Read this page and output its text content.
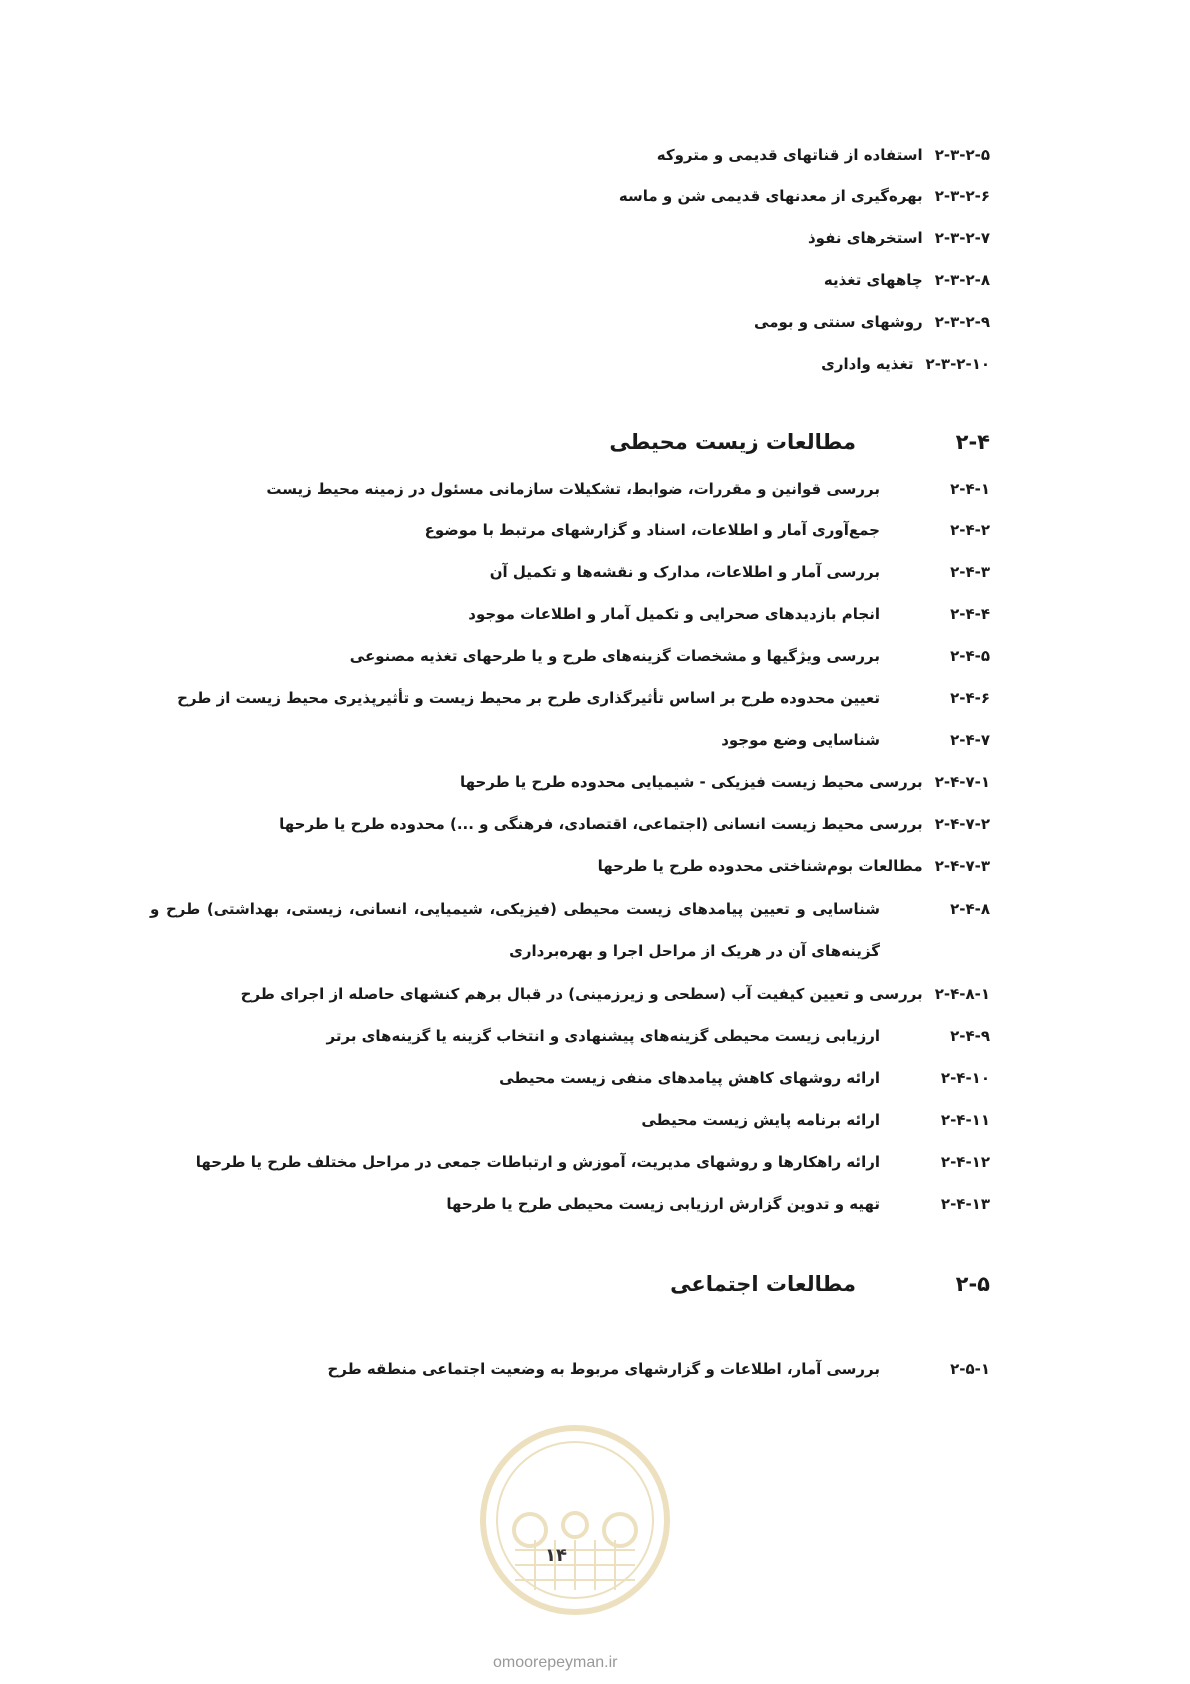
۲-۳-۲-۵
استفاده از قناتهای قدیمی و متروکه
۲-۳-۲-۶
بهره‌گیری از معدنهای قدیمی شن و ماسه
۲-۳-۲-۷
استخرهای نفوذ
۲-۳-۲-۸
چاههای تغذیه
۲-۳-۲-۹
روشهای سنتی و بومی
۲-۳-۲-۱۰
تغذیه واداری
۲-۴
مطالعات زیست محیطی
۲-۴-۱
بررسی قوانین و مقررات، ضوابط، تشکیلات سازمانی مسئول در زمینه محیط زیست
۲-۴-۲
جمع‌آوری آمار و اطلاعات، اسناد و گزارشهای مرتبط با موضوع
۲-۴-۳
بررسی آمار و اطلاعات، مدارک و نقشه‌ها و تکمیل آن
۲-۴-۴
انجام بازدیدهای صحرایی و تکمیل آمار و اطلاعات موجود
۲-۴-۵
بررسی ویژگیها و مشخصات گزینه‌های طرح و یا طرحهای تغذیه مصنوعی
۲-۴-۶
تعیین محدوده طرح بر اساس تأثیرگذاری طرح بر محیط زیست و تأثیرپذیری محیط زیست از طرح
۲-۴-۷
شناسایی وضع موجود
۲-۴-۷-۱
بررسی محیط زیست فیزیکی - شیمیایی محدوده طرح یا طرحها
۲-۴-۷-۲
بررسی محیط زیست انسانی (اجتماعی، اقتصادی، فرهنگی و ...) محدوده طرح یا طرحها
۲-۴-۷-۳
مطالعات بوم‌شناختی محدوده طرح یا طرحها
۲-۴-۸
شناسایی و تعیین پیامدهای زیست محیطی (فیزیکی، شیمیایی، انسانی، زیستی، بهداشتی) طرح و گزینه‌های آن در هریک از مراحل اجرا و بهره‌برداری
۲-۴-۸-۱
بررسی و تعیین کیفیت آب (سطحی و زیرزمینی) در قبال برهم کنشهای حاصله از اجرای طرح
۲-۴-۹
ارزیابی زیست محیطی گزینه‌های پیشنهادی و انتخاب گزینه یا گزینه‌های برتر
۲-۴-۱۰
ارائه روشهای کاهش پیامدهای منفی زیست محیطی
۲-۴-۱۱
ارائه برنامه پایش زیست محیطی
۲-۴-۱۲
ارائه راهکارها و روشهای مدیریت، آموزش و ارتباطات جمعی در مراحل مختلف طرح یا طرحها
۲-۴-۱۳
تهیه و تدوین گزارش ارزیابی زیست محیطی طرح یا طرحها
۲-۵
مطالعات اجتماعی
۲-۵-۱
بررسی آمار، اطلاعات و گزارشهای مربوط به وضعیت اجتماعی منطقه طرح
۱۴
omoorepeyman.ir
